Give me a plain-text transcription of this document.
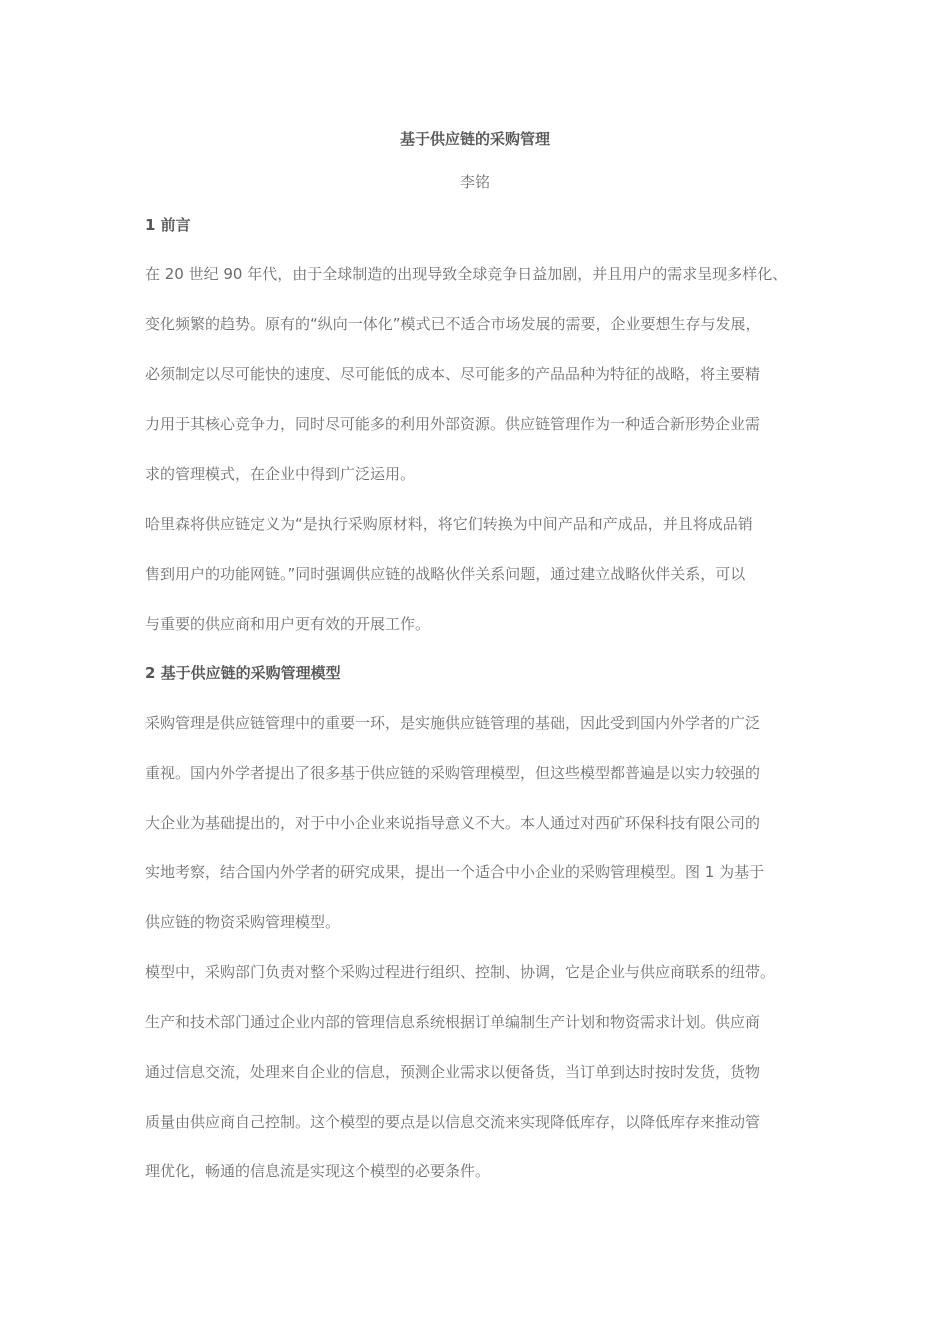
基于供应链的采购管理
李铭
1 前言
在 20 世纪 90 年代，由于全球制造的出现导致全球竞争日益加剧，并且用户的需求呈现多样化、
变化频繁的趋势。原有的“纵向一体化”模式已不适合市场发展的需要，企业要想生存与发展，
必须制定以尽可能快的速度、尽可能低的成本、尽可能多的产品品种为特征的战略，将主要精
力用于其核心竞争力，同时尽可能多的利用外部资源。供应链管理作为一种适合新形势企业需
求的管理模式，在企业中得到广泛运用。
哈里森将供应链定义为“是执行采购原材料，将它们转换为中间产品和产成品，并且将成品销
售到用户的功能网链。”同时强调供应链的战略伙伴关系问题，通过建立战略伙伴关系，可以
与重要的供应商和用户更有效的开展工作。
2 基于供应链的采购管理模型
采购管理是供应链管理中的重要一环，是实施供应链管理的基础，因此受到国内外学者的广泛
重视。国内外学者提出了很多基于供应链的采购管理模型，但这些模型都普遍是以实力较强的
大企业为基础提出的，对于中小企业来说指导意义不大。本人通过对西矿环保科技有限公司的
实地考察，结合国内外学者的研究成果，提出一个适合中小企业的采购管理模型。图 1 为基于
供应链的物资采购管理模型。
模型中，采购部门负责对整个采购过程进行组织、控制、协调，它是企业与供应商联系的纽带。
生产和技术部门通过企业内部的管理信息系统根据订单编制生产计划和物资需求计划。供应商
通过信息交流，处理来自企业的信息，预测企业需求以便备货，当订单到达时按时发货，货物
质量由供应商自己控制。这个模型的要点是以信息交流来实现降低库存，以降低库存来推动管
理优化，畅通的信息流是实现这个模型的必要条件。
